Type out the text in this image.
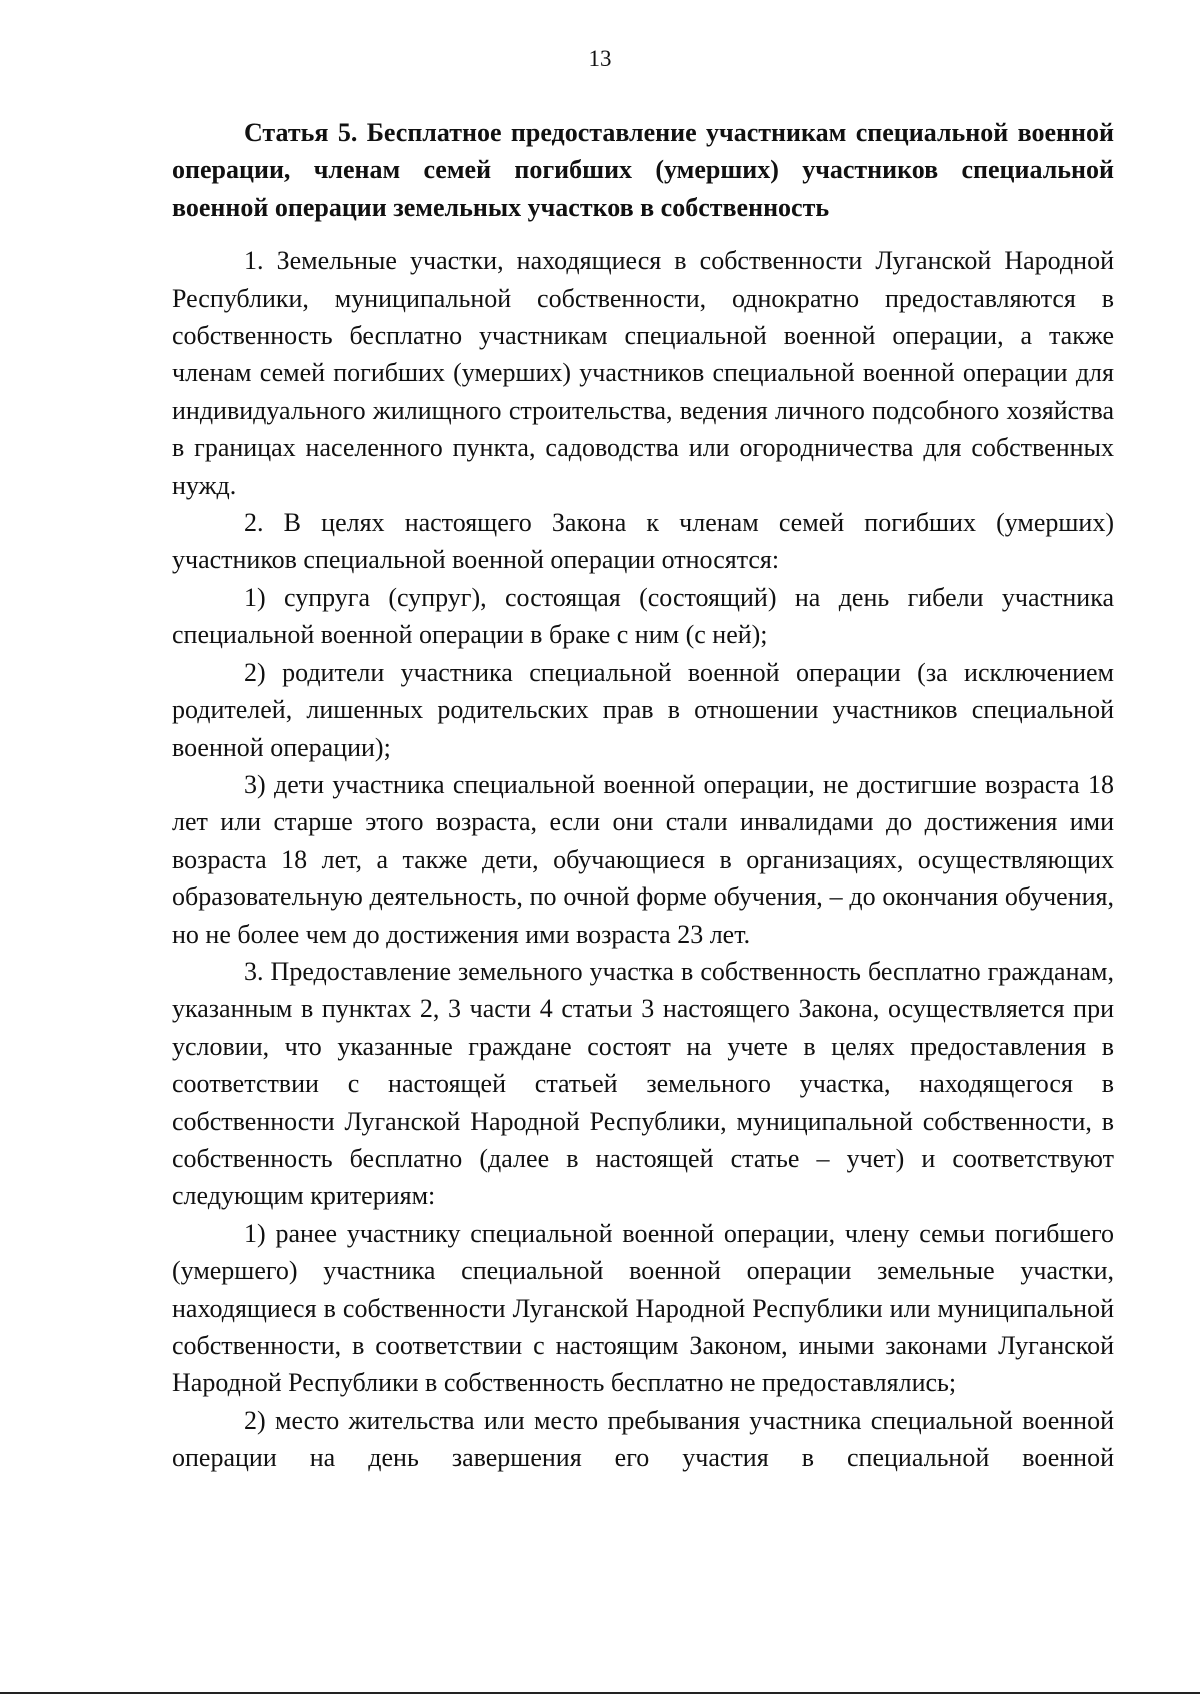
13
Статья 5. Бесплатное предоставление участникам специальной военной операции, членам семей погибших (умерших) участников специальной военной операции земельных участков в собственность

1. Земельные участки, находящиеся в собственности Луганской Народной Республики, муниципальной собственности, однократно предоставляются в собственность бесплатно участникам специальной военной операции, а также членам семей погибших (умерших) участников специальной военной операции для индивидуального жилищного строительства, ведения личного подсобного хозяйства в границах населенного пункта, садоводства или огородничества для собственных нужд.

2. В целях настоящего Закона к членам семей погибших (умерших) участников специальной военной операции относятся:

1) супруга (супруг), состоящая (состоящий) на день гибели участника специальной военной операции в браке с ним (с ней);

2) родители участника специальной военной операции (за исключением родителей, лишенных родительских прав в отношении участников специальной военной операции);

3) дети участника специальной военной операции, не достигшие возраста 18 лет или старше этого возраста, если они стали инвалидами до достижения ими возраста 18 лет, а также дети, обучающиеся в организациях, осуществляющих образовательную деятельность, по очной форме обучения, – до окончания обучения, но не более чем до достижения ими возраста 23 лет.

3. Предоставление земельного участка в собственность бесплатно гражданам, указанным в пунктах 2, 3 части 4 статьи 3 настоящего Закона, осуществляется при условии, что указанные граждане состоят на учете в целях предоставления в соответствии с настоящей статьей земельного участка, находящегося в собственности Луганской Народной Республики, муниципальной собственности, в собственность бесплатно (далее в настоящей статье – учет) и соответствуют следующим критериям:

1) ранее участнику специальной военной операции, члену семьи погибшего (умершего) участника специальной военной операции земельные участки, находящиеся в собственности Луганской Народной Республики или муниципальной собственности, в соответствии с настоящим Законом, иными законами Луганской Народной Республики в собственность бесплатно не предоставлялись;

2) место жительства или место пребывания участника специальной военной операции на день завершения его участия в специальной военной
